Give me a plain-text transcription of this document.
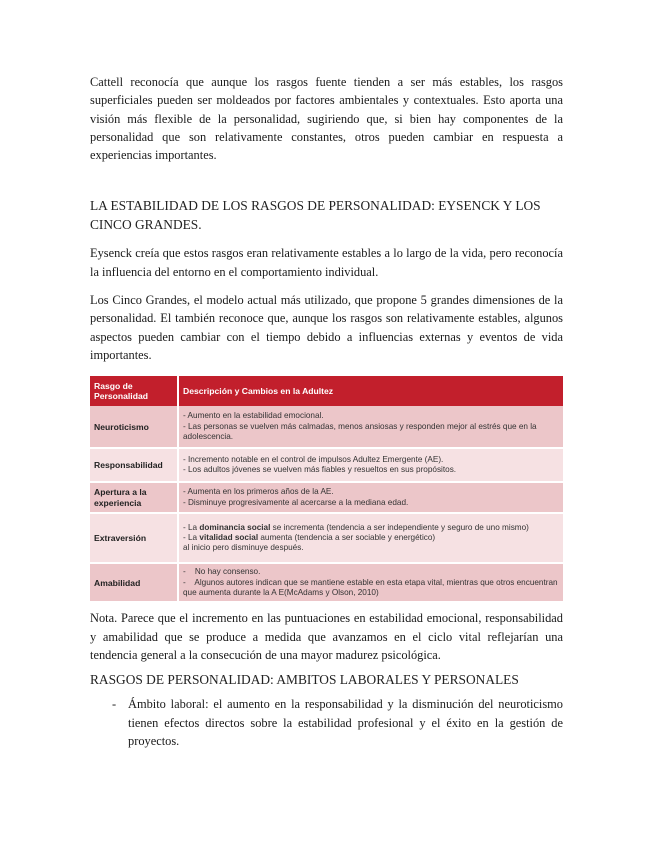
Cattell reconocía que aunque los rasgos fuente tienden a ser más estables, los rasgos superficiales pueden ser moldeados por factores ambientales y contextuales. Esto aporta una visión más flexible de la personalidad, sugiriendo que, si bien hay componentes de la personalidad que son relativamente constantes, otros pueden cambiar en respuesta a experiencias importantes.

LA ESTABILIDAD DE LOS RASGOS DE PERSONALIDAD: EYSENCK Y LOS CINCO GRANDES.

Eysenck creía que estos rasgos eran relativamente estables a lo largo de la vida, pero reconocía la influencia del entorno en el comportamiento individual.

Los Cinco Grandes, el modelo actual más utilizado, que propone 5 grandes dimensiones de la personalidad. El también reconoce que, aunque los rasgos son relativamente estables, algunos aspectos pueden cambiar con el tiempo debido a influencias externas y eventos de vida importantes.

Rasgo de Personalidad	Descripción y Cambios en la Adultez
Neuroticismo	- Aumento en la estabilidad emocional.
- Las personas se vuelven más calmadas, menos ansiosas y responden mejor al estrés que en la adolescencia.

Responsabilidad	- Incremento notable en el control de impulsos Adultez Emergente (AE).
- Los adultos jóvenes se vuelven más fiables y resueltos en sus propósitos.

Apertura a la experiencia	- Aumenta en los primeros años de la AE.
- Disminuye progresivamente al acercarse a la mediana edad.

Extraversión	- La dominancia social se incrementa (tendencia a ser independiente y seguro de uno mismo)
- La vitalidad social aumenta (tendencia a ser sociable y energético)
al inicio pero disminuye después.

Amabilidad	-    No hay consenso.
-    Algunos autores indican que se mantiene estable en esta etapa vital, mientras que otros encuentran que aumenta durante la A E(McAdams y Olson, 2010)

Nota. Parece que el incremento en las puntuaciones en estabilidad emocional, responsabilidad y amabilidad que se produce a medida que avanzamos en el ciclo vital reflejarían una tendencia general a la consecución de una mayor madurez psicológica.

RASGOS DE PERSONALIDAD: AMBITOS LABORALES Y PERSONALES

- Ámbito laboral: el aumento en la responsabilidad y la disminución del neuroticismo tienen efectos directos sobre la estabilidad profesional y el éxito en la gestión de proyectos.
